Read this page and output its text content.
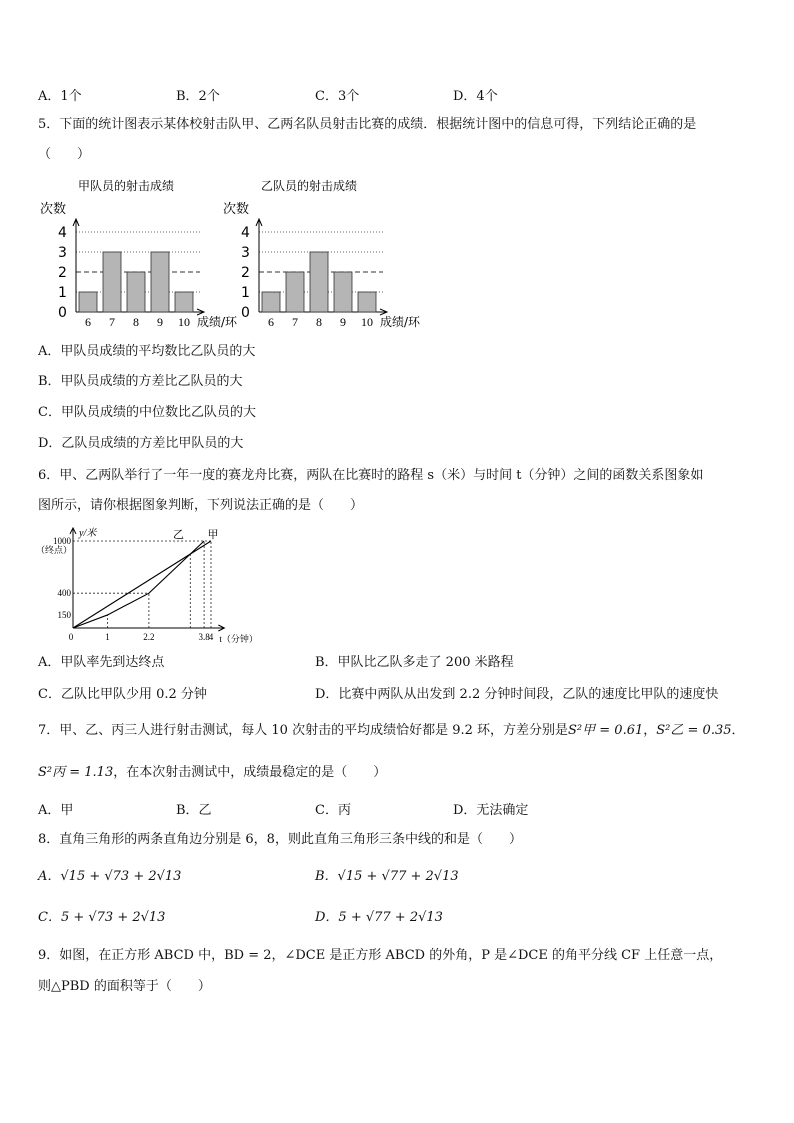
A．1个	B．2个	C．3个	D．4个
5．下面的统计图表示某体校射击队甲、乙两名队员射击比赛的成绩．根据统计图中的信息可得，下列结论正确的是
（　　）
甲队员的射击成绩
次数
0
1
2
3
4
6 7 8 9 10 成绩/环
乙队员的射击成绩
次数
0
1
2
3
4
6 7 8 9 10 成绩/环
A．甲队员成绩的平均数比乙队员的大
B．甲队员成绩的方差比乙队员的大
C．甲队员成绩的中位数比乙队员的大
D．乙队员成绩的方差比甲队员的大
6．甲、乙两队举行了一年一度的赛龙舟比赛，两队在比赛时的路程 s（米）与时间 t（分钟）之间的函数关系图象如
图所示，请你根据图象判断，下列说法正确的是（　　）
y/米	乙 甲
（终点）
150
400
1000
0	1	2.2	3.8 4 t（分钟）
A．甲队率先到达终点	B．甲队比乙队多走了 200 米路程
C．乙队比甲队少用 0.2 分钟	D．比赛中两队从出发到 2.2 分钟时间段，乙队的速度比甲队的速度快
7．甲、乙、丙三人进行射击测试，每人 10 次射击的平均成绩恰好都是 9.2 环，方差分别是S²甲 = 0.61，S²乙 = 0.35．
S²丙 = 1.13，在本次射击测试中，成绩最稳定的是（　　）
A．甲	B．乙	C．丙	D．无法确定
8．直角三角形的两条直角边分别是 6，8，则此直角三角形三条中线的和是（　　）
A．√15 + √73 + 2√13	B．√15 + √77 + 2√13
C．5 + √73 + 2√13	D．5 + √77 + 2√13
9．如图，在正方形 ABCD 中，BD = 2，∠DCE 是正方形 ABCD 的外角，P 是∠DCE 的角平分线 CF 上任意一点，
则△PBD 的面积等于（　　）
